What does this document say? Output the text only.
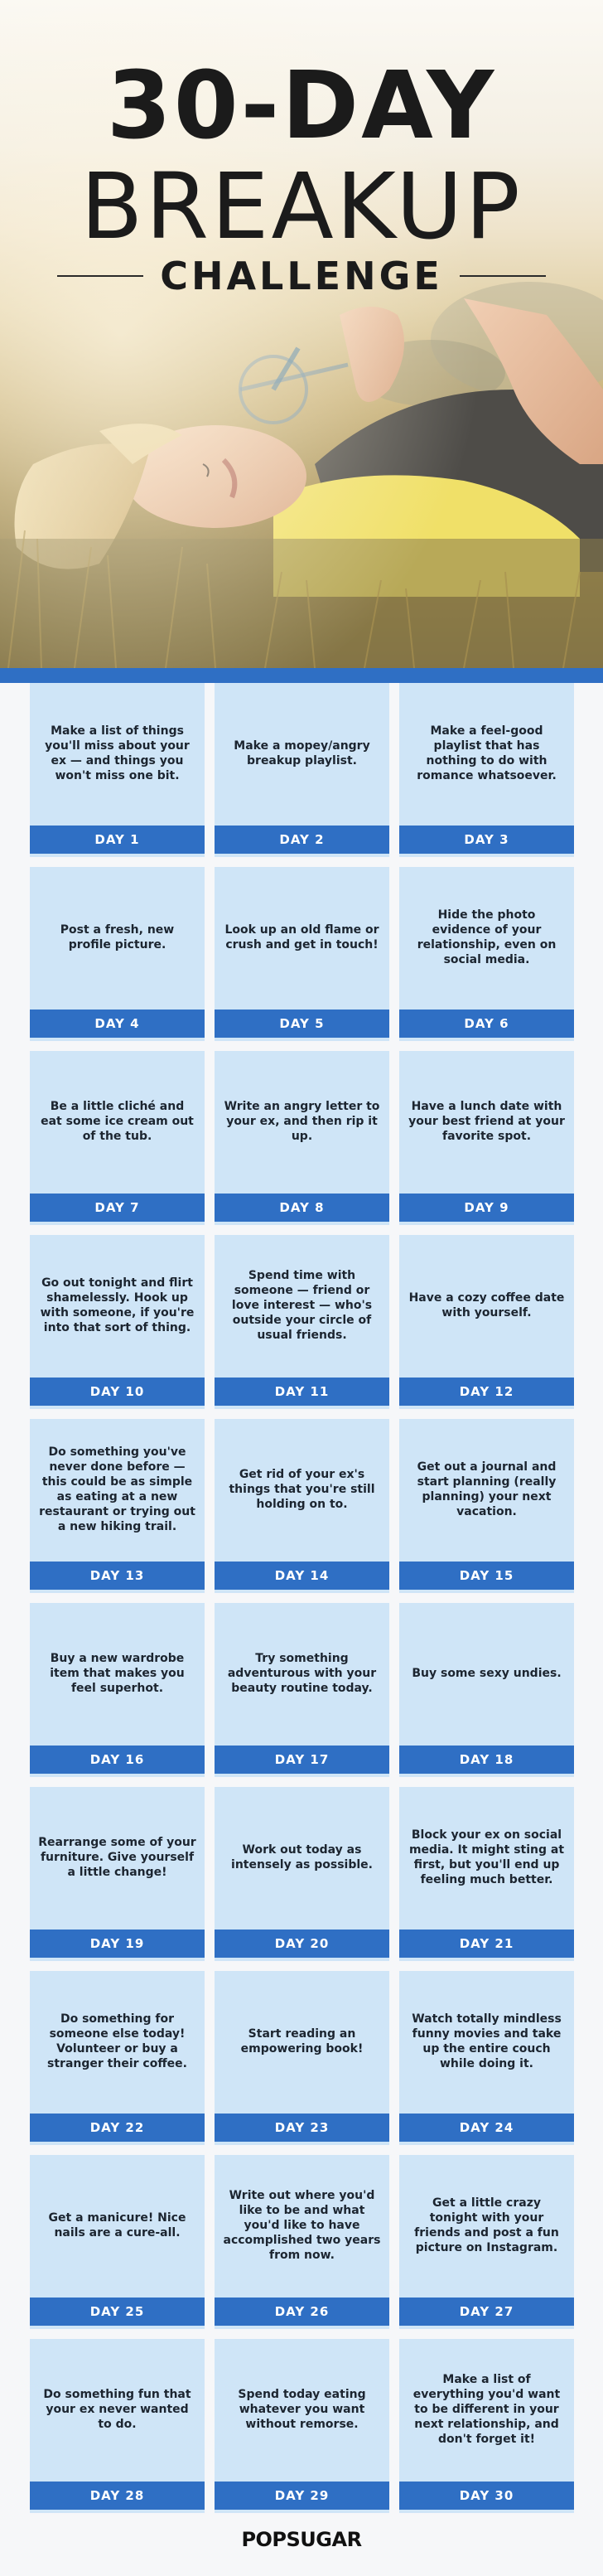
30-DAY
BREAKUP
CHALLENGE
Make a list of things you'll miss about your ex — and things you won't miss one bit.
DAY 1
Make a mopey/angry breakup playlist.
DAY 2
Make a feel-good playlist that has nothing to do with romance whatsoever.
DAY 3
Post a fresh, new profile picture.
DAY 4
Look up an old flame or crush and get in touch!
DAY 5
Hide the photo evidence of your relationship, even on social media.
DAY 6
Be a little cliché and eat some ice cream out of the tub.
DAY 7
Write an angry letter to your ex, and then rip it up.
DAY 8
Have a lunch date with your best friend at your favorite spot.
DAY 9
Go out tonight and flirt shamelessly. Hook up with someone, if you're into that sort of thing.
DAY 10
Spend time with someone — friend or love interest — who's outside your circle of usual friends.
DAY 11
Have a cozy coffee date with yourself.
DAY 12
Do something you've never done before — this could be as simple as eating at a new restaurant or trying out a new hiking trail.
DAY 13
Get rid of your ex's things that you're still holding on to.
DAY 14
Get out a journal and start planning (really planning) your next vacation.
DAY 15
Buy a new wardrobe item that makes you feel superhot.
DAY 16
Try something adventurous with your beauty routine today.
DAY 17
Buy some sexy undies.
DAY 18
Rearrange some of your furniture. Give yourself a little change!
DAY 19
Work out today as intensely as possible.
DAY 20
Block your ex on social media. It might sting at first, but you'll end up feeling much better.
DAY 21
Do something for someone else today! Volunteer or buy a stranger their coffee.
DAY 22
Start reading an empowering book!
DAY 23
Watch totally mindless funny movies and take up the entire couch while doing it.
DAY 24
Get a manicure! Nice nails are a cure-all.
DAY 25
Write out where you'd like to be and what you'd like to have accomplished two years from now.
DAY 26
Get a little crazy tonight with your friends and post a fun picture on Instagram.
DAY 27
Do something fun that your ex never wanted to do.
DAY 28
Spend today eating whatever you want without remorse.
DAY 29
Make a list of everything you'd want to be different in your next relationship, and don't forget it!
DAY 30
POPSUGAR
